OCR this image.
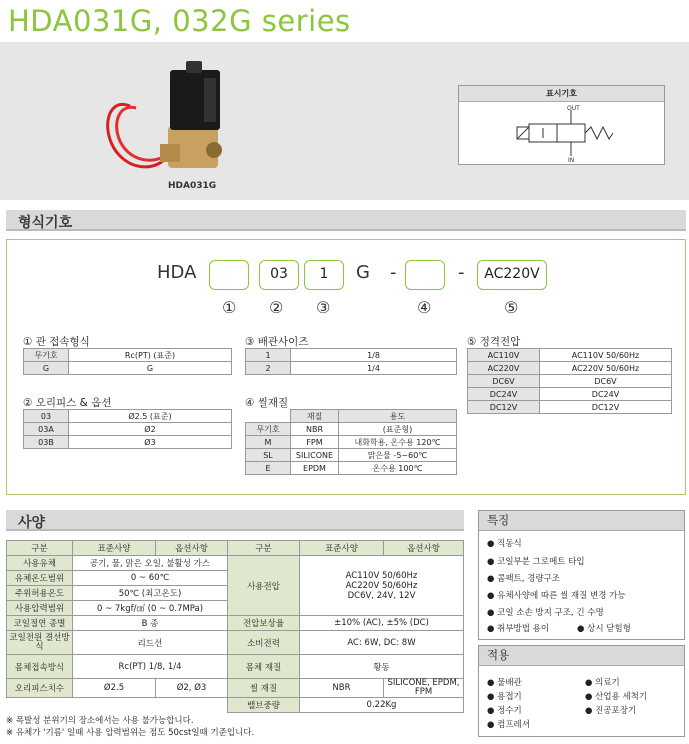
HDA031G, 032G series
HDA031G
표시기호
OUT
IN
형식기호
HDA	03	1	G -	-	AC220V
① ② ③	④	⑤
① 관 접속형식
무기호	Rc(PT) (표준)
G	G
② 오리피스 & 옵션
03	Ø2.5 (표준)
03A	Ø2
03B	Ø3
③ 배관사이즈
1	1/8
2	1/4
④ 씰재질
	재질	용도
무기호	NBR	(표준형)
M	FPM	내화학용, 온수용 120℃
SL	SILICONE	맑은물 -5~60℃
E	EPDM	온수용 100℃
⑤ 정격전압
AC110V	AC110V 50/60Hz
AC220V	AC220V 50/60Hz
DC6V	DC6V
DC24V	DC24V
DC12V	DC12V
사양
구분	표준사양	옵션사항	구분	표준사양	옵션사항
사용유체	공기, 물, 맑은 오일, 불활성 가스		사용전압	AC110V 50/60Hz
AC220V 50/60Hz
DC6V, 24V, 12V	
유체온도범위	0 ~ 60℃				
주위허용온도	50℃ (최고온도)				
사용압력범위	0 ~ 7kgf/㎠ (0 ~ 0.7MPa)				
코일절연 종별	B 종		전압보상율	±10% (AC), ±5% (DC)	
코일전원 결선방식	리드선		소비전력	AC: 6W, DC: 8W	
몸체접속방식	Rc(PT) 1/8, 1/4		몸체 재질	황동	
오리피스치수	Ø2.5	Ø2, Ø3	씰 재질	NBR	SILICONE, EPDM, FPM
			밸브중량	0.22Kg	
※ 폭발성 분위기의 장소에서는 사용 불가능합니다.
※ 유체가 '기름' 일때 사용 압력범위는 점도 50cst일때 기준입니다.
특징
● 직동식
● 코일부분 그로메트 타입
● 콤팩트, 경량구조
● 유체사양에 따른 씰 재질 변경 가능
● 코일 소손 방지 구조, 긴 수명
● 취부방법 용이	● 상시 닫힘형
적용
● 물배관	● 의료기
● 용접기	● 산업용 세척기
● 정수기	● 진공포장기
● 컴프레셔
